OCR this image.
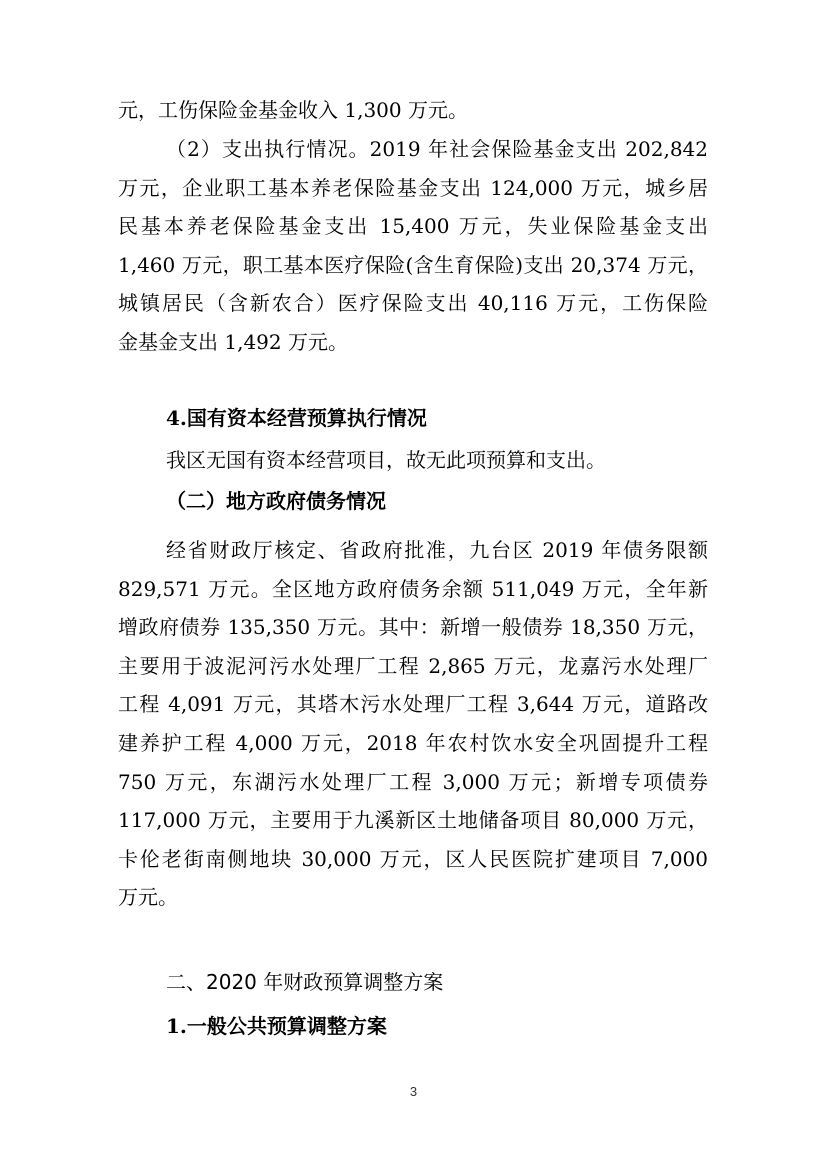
元，工伤保险金基金收入 1,300 万元。
（2）支出执行情况。2019 年社会保险基金支出 202,842
万元，企业职工基本养老保险基金支出 124,000 万元，城乡居
民基本养老保险基金支出 15,400 万元，失业保险基金支出
1,460 万元，职工基本医疗保险(含生育保险)支出 20,374 万元，
城镇居民（含新农合）医疗保险支出 40,116 万元，工伤保险
金基金支出 1,492 万元。
4.国有资本经营预算执行情况
我区无国有资本经营项目，故无此项预算和支出。
（二）地方政府债务情况
经省财政厅核定、省政府批准，九台区 2019 年债务限额
829,571 万元。全区地方政府债务余额 511,049 万元，全年新
增政府债券 135,350 万元。其中：新增一般债券 18,350 万元，
主要用于波泥河污水处理厂工程 2,865 万元，龙嘉污水处理厂
工程 4,091 万元，其塔木污水处理厂工程 3,644 万元，道路改
建养护工程 4,000 万元，2018 年农村饮水安全巩固提升工程
750 万元，东湖污水处理厂工程 3,000 万元；新增专项债券
117,000 万元，主要用于九溪新区土地储备项目 80,000 万元，
卡伦老街南侧地块 30,000 万元，区人民医院扩建项目 7,000
万元。
二、2020 年财政预算调整方案
1.一般公共预算调整方案
3
